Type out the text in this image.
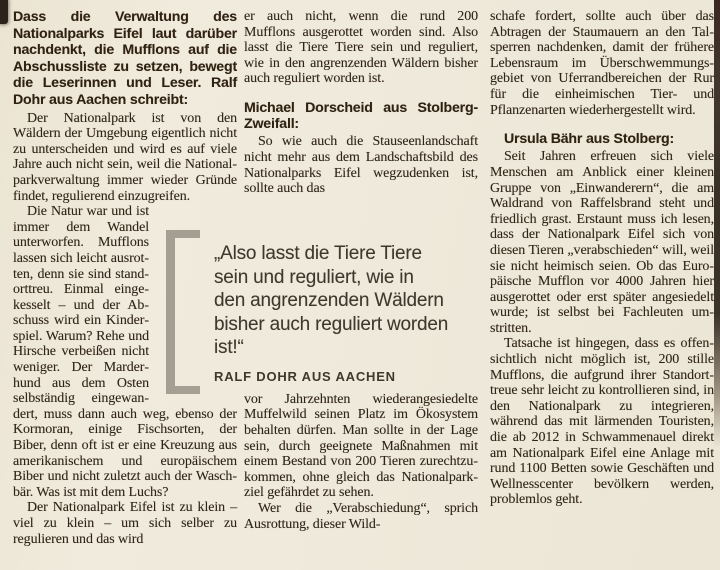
Dass die Verwaltung des Nationalparks Eifel laut darüber nachdenkt, die Mufflons auf die Abschussliste zu setzen, bewegt die Leserinnen und Leser. Ralf Dohr aus Aachen schreibt:

Der Nationalpark ist von den Wäldern der Umgebung eigentlich nicht zu unterscheiden und wird es auf viele Jahre auch nicht sein, weil die Nationalparkverwaltung immer wieder Gründe findet, regulierend einzugreifen.

Die Natur war und ist immer dem Wandel unterworfen. Mufflons lassen sich leicht ausrotten, denn sie sind standorttreu. Einmal eingekesselt – und der Abschuss wird ein Kinderspiel. Warum? Rehe und Hirsche verbeißen nicht weniger. Der Marderhund aus dem Osten selbständig eingewandert, muss dann auch weg, ebenso der Kormoran, einige Fischsorten, der Biber, denn oft ist er eine Kreuzung aus amerikanischem und europäischem Biber und nicht zuletzt auch der Waschbär. Was ist mit dem Luchs?

Der Nationalpark Eifel ist zu klein – viel zu klein – um sich selber zu regulieren und das wird

er auch nicht, wenn die rund 200 Mufflons ausgerottet worden sind. Also lasst die Tiere Tiere sein und reguliert, wie in den angrenzenden Wäldern bisher auch reguliert worden ist.

Michael Dorscheid aus Stolberg-Zweifall:

So wie auch die Stauseenlandschaft nicht mehr aus dem Landschaftsbild des Nationalparks Eifel wegzudenken ist, sollte auch das

vor Jahrzehnten wiederangesiedelte Muffelwild seinen Platz im Ökosystem behalten dürfen. Man sollte in der Lage sein, durch geeignete Maßnahmen mit einem Bestand von 200 Tieren zurechtzukommen, ohne gleich das Nationalparkziel gefährdet zu sehen.

Wer die „Verabschiedung“, sprich Ausrottung, dieser Wild-

schafe fordert, sollte auch über das Abtragen der Staumauern an den Talsperren nachdenken, damit der frühere Lebensraum im Überschwemmungsgebiet von Uferrandbereichen der Rur für die einheimischen Tier- und Pflanzenarten wiederhergestellt wird.

Ursula Bähr aus Stolberg:

Seit Jahren erfreuen sich viele Menschen am Anblick einer kleinen Gruppe von „Einwanderern“, die am Waldrand von Raffelsbrand steht und friedlich grast. Erstaunt muss ich lesen, dass der Nationalpark Eifel sich von diesen Tieren „verabschieden“ will, weil sie nicht heimisch seien. Ob das Europäische Mufflon vor 4000 Jahren hier ausgerottet oder erst später angesiedelt wurde; ist selbst bei Fachleuten umstritten.

Tatsache ist hingegen, dass es offensichtlich nicht möglich ist, 200 stille Mufflons, die aufgrund ihrer Standorttreue sehr leicht zu kontrollieren sind, in den Nationalpark zu integrieren, während das mit lärmenden Touristen, die ab 2012 in Schwammenauel direkt am Nationalpark Eifel eine Anlage mit rund 1100 Betten sowie Geschäften und Wellnesscenter bevölkern werden, problemlos geht.

„Also lasst die Tiere Tiere
sein und reguliert, wie in
den angrenzenden Wäldern
bisher auch reguliert worden
ist!“
RALF DOHR AUS AACHEN
